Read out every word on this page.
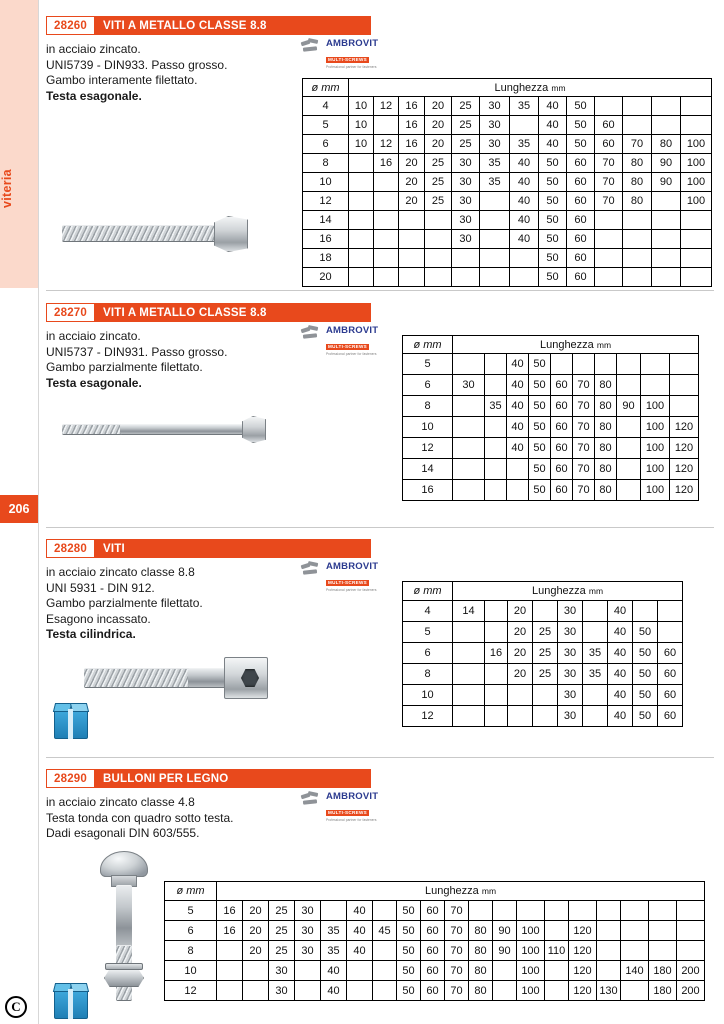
viteria
206
C
28260	VITI A METALLO CLASSE 8.8
in acciaio zincato.
UNI5739 - DIN933. Passo grosso.
Gambo interamente filettato.
Testa esagonale.
AMBROVIT
MULTI-SCREWS
Professional partner for fasteners
ø mm	Lunghezza mm												
4	10	12	16	20	25	30	35	40	50				
5	10		16	20	25	30		40	50	60			
6	10	12	16	20	25	30	35	40	50	60	70	80	100
8		16	20	25	30	35	40	50	60	70	80	90	100
10			20	25	30	35	40	50	60	70	80	90	100
12			20	25	30		40	50	60	70	80		100
14					30		40	50	60				
16					30		40	50	60				
18								50	60				
20								50	60				
28270	VITI A METALLO CLASSE 8.8
in acciaio zincato.
UNI5737 - DIN931. Passo grosso.
Gambo parzialmente filettato.
Testa esagonale.
AMBROVIT
MULTI-SCREWS
Professional partner for fasteners
ø mm	Lunghezza mm									
5			40	50						
6	30		40	50	60	70	80			
8		35	40	50	60	70	80	90	100	
10			40	50	60	70	80		100	120
12			40	50	60	70	80		100	120
14				50	60	70	80		100	120
16				50	60	70	80		100	120
28280	VITI
in acciaio zincato classe 8.8
UNI 5931 - DIN 912.
Gambo parzialmente filettato.
Esagono incassato.
Testa cilindrica.
AMBROVIT
MULTI-SCREWS
Professional partner for fasteners	ø mm	Lunghezza mm								
4	14		20		30		40		
5			20	25	30		40	50	
6		16	20	25	30	35	40	50	60
8			20	25	30	35	40	50	60
10					30		40	50	60
12					30		40	50	60
28290	BULLONI PER LEGNO
in acciaio zincato classe 4.8
Testa tonda con quadro sotto testa.
Dadi esagonali DIN 603/555.
AMBROVIT
MULTI-SCREWS
Professional partner for fasteners
ø mm	Lunghezza mm																		
5	16	20	25	30		40		50	60	70									
6	16	20	25	30	35	40	45	50	60	70	80	90	100		120				
8		20	25	30	35	40		50	60	70	80	90	100	110	120				
10			30		40			50	60	70	80		100		120		140	180	200
12			30		40			50	60	70	80		100		120	130		180	200
